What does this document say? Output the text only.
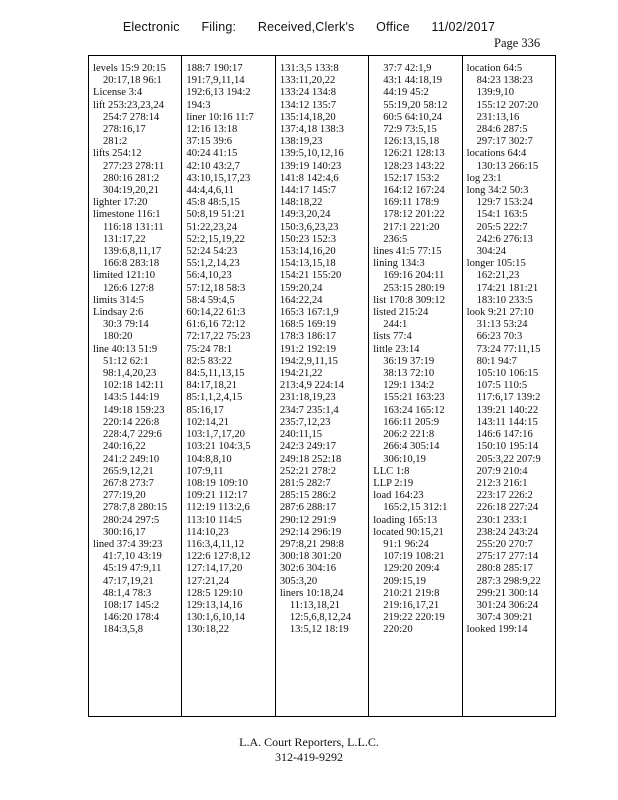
Electronic Filing: Received,Clerk's Office 11/02/2017
Page 336
levels 15:9 20:15
20:17,18 96:1
License 3:4
lift 253:23,23,24
254:7 278:14
278:16,17
281:2
lifts 254:12
277:23 278:11
280:16 281:2
304:19,20,21
lighter 17:20
limestone 116:1
116:18 131:11
131:17,22
139:6,8,11,17
166:8 283:18
limited 121:10
126:6 127:8
limits 314:5
Lindsay 2:6
30:3 79:14
180:20
line 40:13 51:9
51:12 62:1
98:1,4,20,23
102:18 142:11
143:5 144:19
149:18 159:23
220:14 226:8
228:4,7 229:6
240:16,22
241:2 249:10
265:9,12,21
267:8 273:7
277:19,20
278:7,8 280:15
280:24 297:5
300:16,17
lined 37:4 39:23
41:7,10 43:19
45:19 47:9,11
47:17,19,21
48:1,4 78:3
108:17 145:2
146:20 178:4
184:3,5,8
188:7 190:17
191:7,9,11,14
192:6,13 194:2
194:3
liner 10:16 11:7
12:16 13:18
37:15 39:6
40:24 41:15
42:10 43:2,7
43:10,15,17,23
44:4,4,6,11
45:8 48:5,15
50:8,19 51:21
51:22,23,24
52:2,15,19,22
52:24 54:23
55:1,2,14,23
56:4,10,23
57:12,18 58:3
58:4 59:4,5
60:14,22 61:3
61:6,16 72:12
72:17,22 75:23
75:24 78:1
82:5 83:22
84:5,11,13,15
84:17,18,21
85:1,1,2,4,15
85:16,17
102:14,21
103:1,7,17,20
103:21 104:3,5
104:8,8,10
107:9,11
108:19 109:10
109:21 112:17
112:19 113:2,6
113:10 114:5
114:10,23
116:3,4,11,12
122:6 127:8,12
127:14,17,20
127:21,24
128:5 129:10
129:13,14,16
130:1,6,10,14
130:18,22
131:3,5 133:8
133:11,20,22
133:24 134:8
134:12 135:7
135:14,18,20
137:4,18 138:3
138:19,23
139:5,10,12,16
139:19 140:23
141:8 142:4,6
144:17 145:7
148:18,22
149:3,20,24
150:3,6,23,23
150:23 152:3
153:14,16,20
154:13,15,18
154:21 155:20
159:20,24
164:22,24
165:3 167:1,9
168:5 169:19
178:3 186:17
191:2 192:19
194:2,9,11,15
194:21,22
213:4,9 224:14
231:18,19,23
234:7 235:1,4
235:7,12,23
240:11,15
242:3 249:17
249:18 252:18
252:21 278:2
281:5 282:7
285:15 286:2
287:6 288:17
290:12 291:9
292:14 296:19
297:8,21 298:8
300:18 301:20
302:6 304:16
305:3,20
liners 10:18,24
11:13,18,21
12:5,6,8,12,24
13:5,12 18:19
37:7 42:1,9
43:1 44:18,19
44:19 45:2
55:19,20 58:12
60:5 64:10,24
72:9 73:5,15
126:13,15,18
126:21 128:13
128:23 143:22
152:17 153:2
164:12 167:24
169:11 178:9
178:12 201:22
217:1 221:20
236:5
lines 41:5 77:15
lining 134:3
169:16 204:11
253:15 280:19
list 170:8 309:12
listed 215:24
244:1
lists 77:4
little 23:14
36:19 37:19
38:13 72:10
129:1 134:2
155:21 163:23
163:24 165:12
166:11 205:9
206:2 221:8
266:4 305:14
306:10,19
LLC 1:8
LLP 2:19
load 164:23
165:2,15 312:1
loading 165:13
located 90:15,21
91:1 96:24
107:19 108:21
129:20 209:4
209:15,19
210:21 219:8
219:16,17,21
219:22 220:19
220:20
location 64:5
84:23 138:23
139:9,10
155:12 207:20
231:13,16
284:6 287:5
297:17 302:7
locations 64:4
130:13 266:15
log 23:1
long 34:2 50:3
129:7 153:24
154:1 163:5
205:5 222:7
242:6 276:13
304:24
longer 105:15
162:21,23
174:21 181:21
183:10 233:5
look 9:21 27:10
31:13 53:24
66:23 70:3
73:24 77:11,15
80:1 94:7
105:10 106:15
107:5 110:5
117:6,17 139:2
139:21 140:22
143:11 144:15
146:6 147:16
150:10 195:14
205:3,22 207:9
207:9 210:4
212:3 216:1
223:17 226:2
226:18 227:24
230:1 233:1
238:24 243:24
255:20 270:7
275:17 277:14
280:8 285:17
287:3 298:9,22
299:21 300:14
301:24 306:24
307:4 309:21
looked 199:14
L.A. Court Reporters, L.L.C.
312-419-9292
